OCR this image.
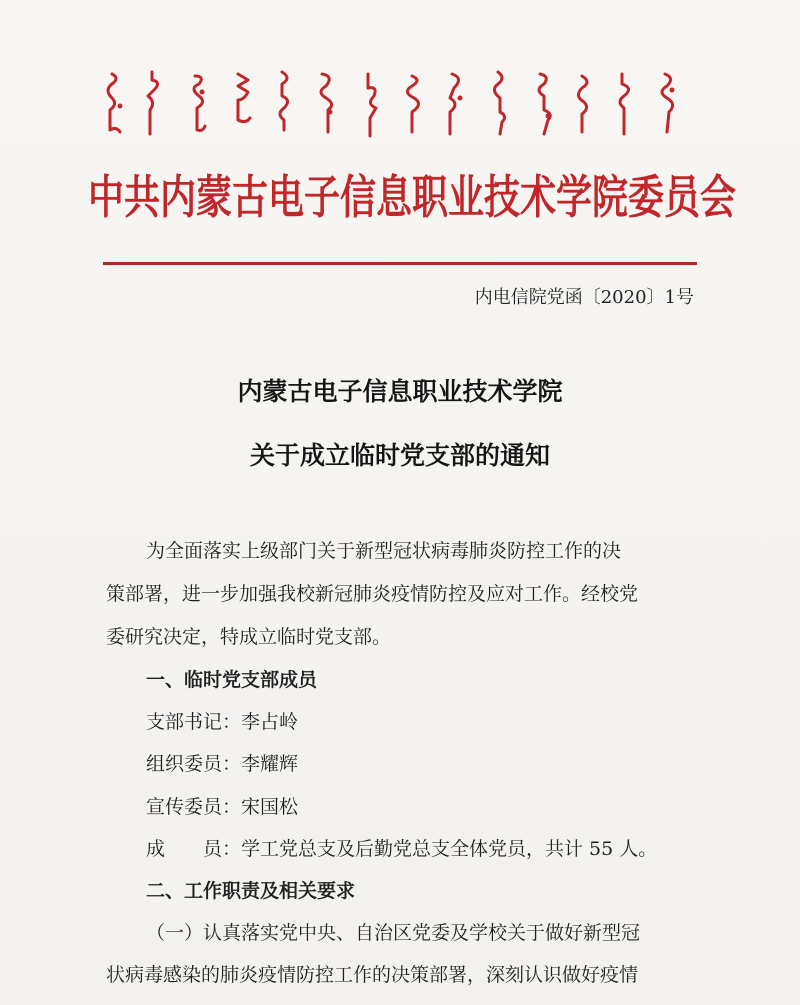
中共内蒙古电子信息职业技术学院委员会
内电信院党函〔2020〕1号
内蒙古电子信息职业技术学院
关于成立临时党支部的通知
为全面落实上级部门关于新型冠状病毒肺炎防控工作的决
策部署，进一步加强我校新冠肺炎疫情防控及应对工作。经校党
委研究决定，特成立临时党支部。
一、临时党支部成员
支部书记：李占岭
组织委员：李耀辉
宣传委员：宋国松
成　　员：学工党总支及后勤党总支全体党员，共计 55 人。
二、工作职责及相关要求
（一）认真落实党中央、自治区党委及学校关于做好新型冠
状病毒感染的肺炎疫情防控工作的决策部署，深刻认识做好疫情
